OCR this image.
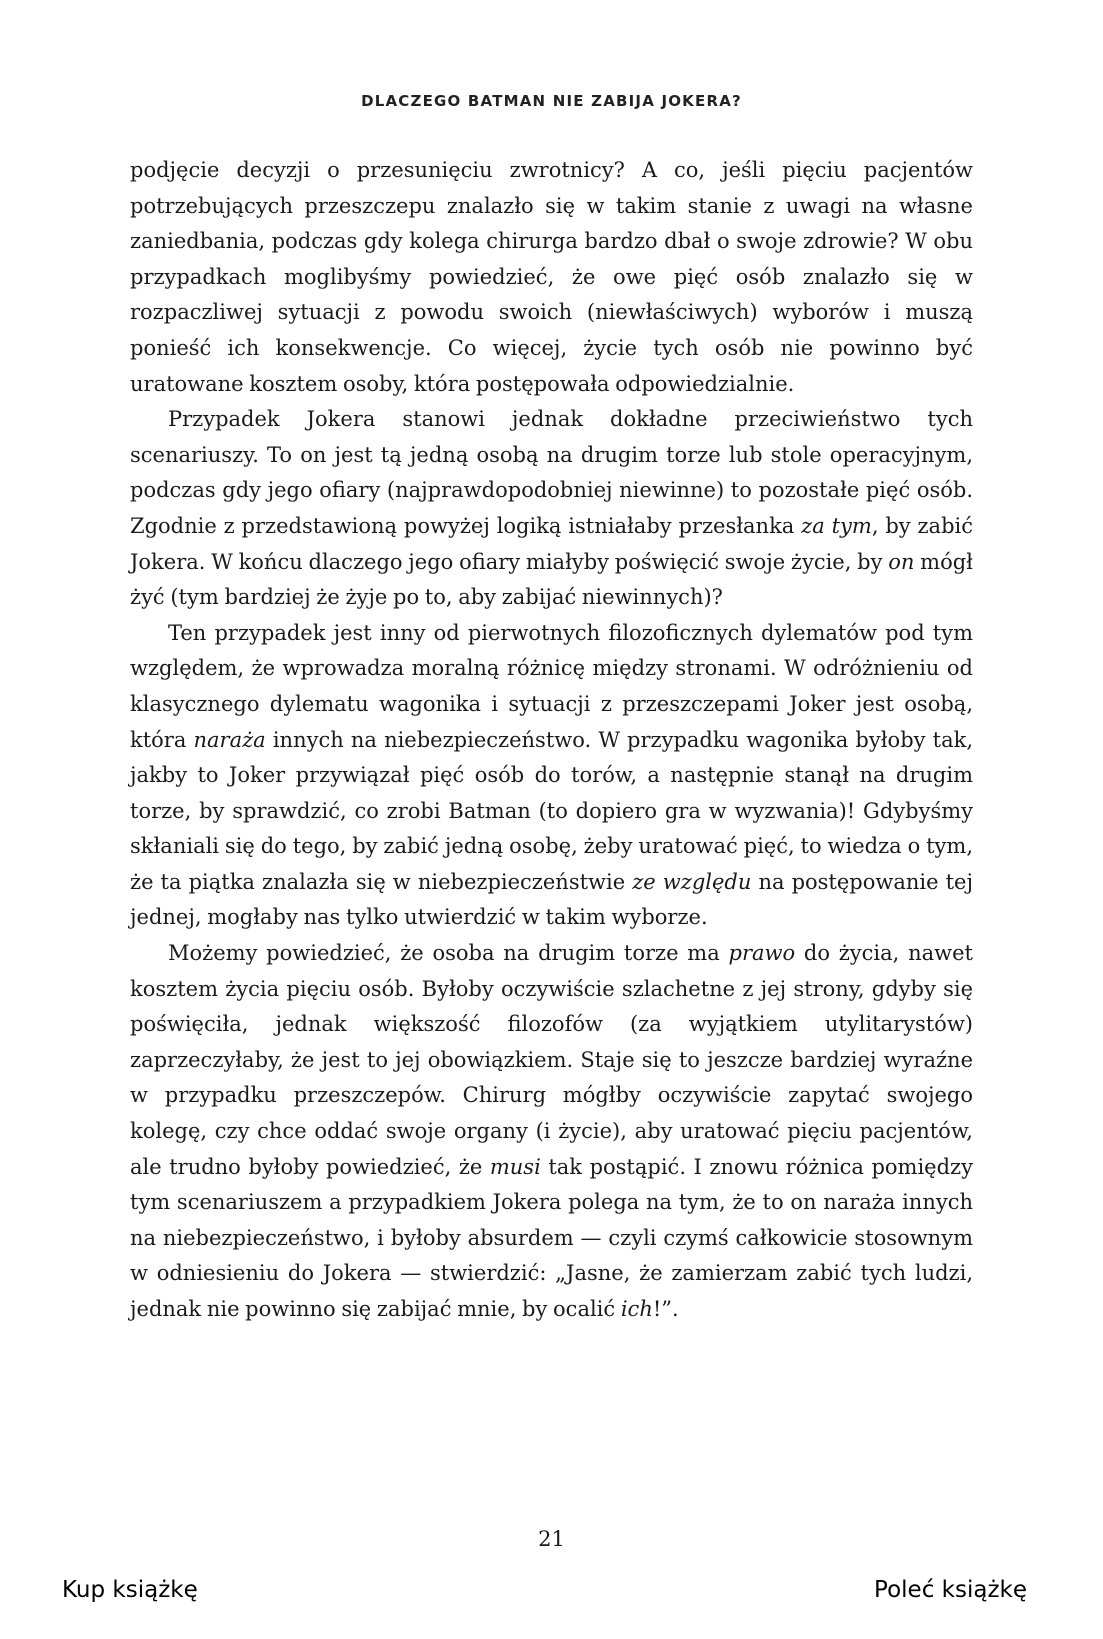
DLACZEGO BATMAN NIE ZABIJA JOKERA?

podjęcie decyzji o przesunięciu zwrotnicy? A co, jeśli pięciu pacjentów potrzebujących przeszczepu znalazło się w takim stanie z uwagi na własne zaniedbania, podczas gdy kolega chirurga bardzo dbał o swoje zdrowie? W obu przypadkach moglibyśmy powiedzieć, że owe pięć osób znalazło się w rozpaczliwej sytuacji z powodu swoich (niewłaściwych) wyborów i muszą ponieść ich konsekwencje. Co więcej, życie tych osób nie powinno być uratowane kosztem osoby, która postępowała odpowiedzialnie.

Przypadek Jokera stanowi jednak dokładne przeciwieństwo tych scenariuszy. To on jest tą jedną osobą na drugim torze lub stole operacyjnym, podczas gdy jego ofiary (najprawdopodobniej niewinne) to pozostałe pięć osób. Zgodnie z przedstawioną powyżej logiką istniałaby przesłanka za tym, by zabić Jokera. W końcu dlaczego jego ofiary miałyby poświęcić swoje życie, by on mógł żyć (tym bardziej że żyje po to, aby zabijać niewinnych)?

Ten przypadek jest inny od pierwotnych filozoficznych dylematów pod tym względem, że wprowadza moralną różnicę między stronami. W odróżnieniu od klasycznego dylematu wagonika i sytuacji z przeszczepami Joker jest osobą, która naraża innych na niebezpieczeństwo. W przypadku wagonika byłoby tak, jakby to Joker przywiązał pięć osób do torów, a następnie stanął na drugim torze, by sprawdzić, co zrobi Batman (to dopiero gra w wyzwania)! Gdybyśmy skłaniali się do tego, by zabić jedną osobę, żeby uratować pięć, to wiedza o tym, że ta piątka znalazła się w niebezpieczeństwie ze względu na postępowanie tej jednej, mogłaby nas tylko utwierdzić w takim wyborze.

Możemy powiedzieć, że osoba na drugim torze ma prawo do życia, nawet kosztem życia pięciu osób. Byłoby oczywiście szlachetne z jej strony, gdyby się poświęciła, jednak większość filozofów (za wyjątkiem utylitarystów) zaprzeczyłaby, że jest to jej obowiązkiem. Staje się to jeszcze bardziej wyraźne w przypadku przeszczepów. Chirurg mógłby oczywiście zapytać swojego kolegę, czy chce oddać swoje organy (i życie), aby uratować pięciu pacjentów, ale trudno byłoby powiedzieć, że musi tak postąpić. I znowu różnica pomiędzy tym scenariuszem a przypadkiem Jokera polega na tym, że to on naraża innych na niebezpieczeństwo, i byłoby absurdem — czyli czymś całkowicie stosownym w odniesieniu do Jokera — stwierdzić: „Jasne, że zamierzam zabić tych ludzi, jednak nie powinno się zabijać mnie, by ocalić ich!”.

21
Kup książkę	Poleć książkę
